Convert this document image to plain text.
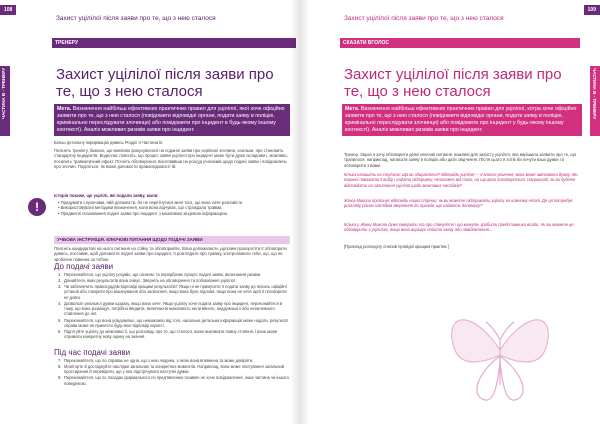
108
Захист уцілілої після заяви про те, що з нею сталося
ТРЕНЕРУ
ЧАСТИНА В - ТРЕНЕРУ	Захист уцілілої після заяви про те, що з нею сталося
Мета. Визначення найбільш ефективних практичних правил для уцілілої, якої хоче офіційно заявити про те, що з нею сталося (повідомити відповідні органи, подати заяву в поліцію, кримінально переслідувати злочинця) або повідомити про інцидент в будь-якому іншому контексті). Аналіз можливих ризиків заяви про інцидент.
Більш детальну інформацію дивись Розділ II Частина В.
Поясніть тренінгу, бажано, що важливо фокусуватися на поданні заяви про серйозні злочини, оскільки, про становить стандартну інцидентів. Водночас поясніть, що процес заяви уцілілої про інцидент може бути дуже складним і, можливо, посилить травматичний ефект. Почніть обговорення, висловивши на розсуд учасників щодо подачі заяви і повідомлень про злочин. Поділіться, як може допомогти правосвідомості їй.
!
Історія покаже, що уцілілі, які подали заяву, мали:
• Придумати слухачами, якій допомогти, бо не перетнутися менї того, що вона хоче розповісти
• Використовувати методики визначення, коли вона відчуває, що страждала травма.
• Предметні спалювання подачі заяви про інцидент з можливою кінцевою інформацією.
УЧБОВА ІНСТРУКЦІЯ. КЛЮЧОВІ ПИТАННЯ ЩОДО ПОДАЧІ ЗАЯВИ
Поясніть кандидатові на нього питання на стійку та обговорюйте. Вона допомагають уцілілим прокоротіти її обговорити дивись, поставив, щоб допомогти подачі заяви про інцидент, її розглядати про травму, контролювати тебе, що, що не зроблене повинна за тобою.
До подачі заяви
1. Переконайтеся, що уцілілу розуміє, що означає та передбачає процес подачі заяви, включаючи ризики.
2. Дізнайтеся, яких результатів вона очікує. Зверніть на обговорення та побоювання уцілілої.
3. Чи забезпечить правосуддям відповіді кращим результатів? Якщо ні не примусити її подати заяву до якіхось офіційні установ або говорити про вішанування або засвоєння, якщо вона була підлова, якщо вона не хоче щоб її поговорити не довго.
4. Дозвольте реальної думки щоразу, якщо вона хоче. Якщо уцілілу хоче подати заяву про інцидент, переконайтеся в тому, що вона розміщує, потрібно вводити, включаючи можливість негативного, недружнього або неналежного ставлення до неї.
5. Переконайтеся, що вона усвідомлює, що неможливо від того, наскільки детальна інформація може надати, результат справи може не принести будь-якої відповіді користі.
6. Підготуйте уцілілу до можливості, що розповідь про те, що сталося, може викликати повну стояння, і вона може отримати конкретну нову оцінку на знання.
Під час подачі заяви
7. Переконайтеся, що по справах не одна, що з нею людина, з якою вона впевнена та може довіряти.
8. Моніторте й досліджуйте наслідки загальних та конкретних моментів. Наприклад, вона може опитування загальний простирання й перевірити, що у них підстрічувати наступні думки.
9. Переконайтеся, що по посадах формального по пред'явленню позивач не хоче повідомлення, інша частина чи іншого поведінкою.
109
Захист уцілілої після заяви про те, що з нею сталося
СКАЗАТИ ВГОЛОС
ЧАСТИНА В - ТРЕНЕРУ
Захист уцілілої після заяви про те, що з нею сталося
Мета. Визначення найбільш ефективних практичних правил для уцілілої, котра хоче офіційно заявити про те, що з нею сталося (повідомити відповідні органи, подати заяву в поліцію, кримінально переслідувати злочинця) або повідомити про інцидент у будь-якому іншому контексті). Аналіз можливих ризиків заяви про інцидент.
Тренер. Зараз я хочу обговорити деякі ключові питання, важливі для захисту уцілілої, яка вирішила заявити про те, що трапилося, наприклад, написати заяву в поліцію або дати свідчення. Після цього я хотів би почути ваші думки та обговорити з вами.
Кілька напишіть на стрічках: Що ви збираєтеся? Відповідь уцілілої — її власне рішення; вона може змінювати думку. Ми повинні поважати її вибір і надати підтримку, незалежно від того, на що вона погоджується. Наприклад, як ви будете відповідати на запитання уцілілої щодо можливих наслідків?
Жінка-Миколи пропонує відповідь нашої стрічки: як ви можете підтримати уцілілу на кожному етапі. Де ця потребує розгляду різних наслідків звернення до органів, що надають допомогу?
Кілька у Жінки-Миколи дуже говорити та про співчуття і що можуть зробити представники влади. Чи ви можете це обговорити з уцілілою, якщо вона вирішує подати заяву або повідомлення...
[Приклад розподілу списків провідні кращим практик.]
